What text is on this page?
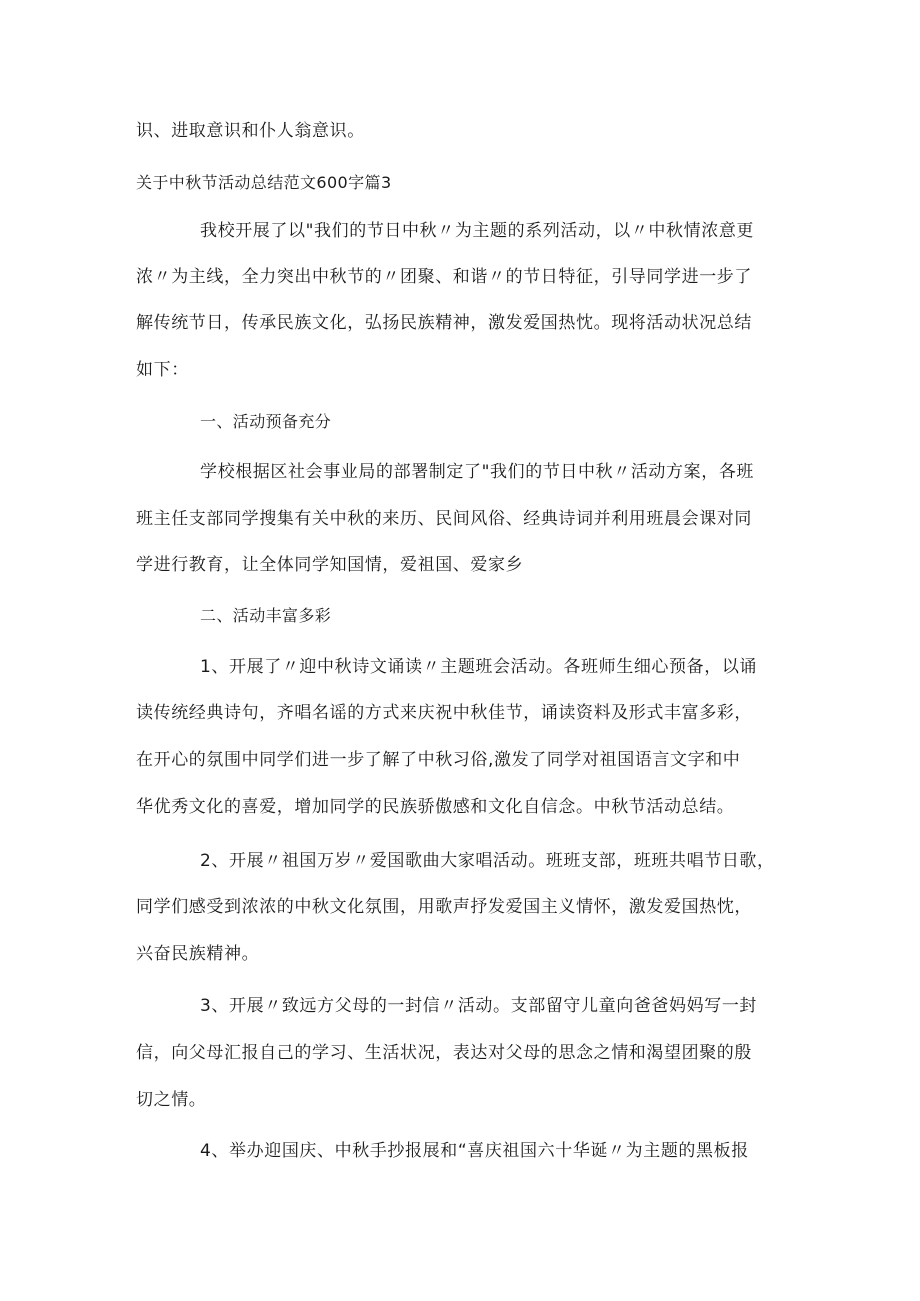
识、进取意识和仆人翁意识。
关于中秋节活动总结范文600字篇3
我校开展了以"我们的节日中秋〃为主题的系列活动，以〃中秋情浓意更
浓〃为主线，全力突出中秋节的〃团聚、和谐〃的节日特征，引导同学进一步了
解传统节日，传承民族文化，弘扬民族精神，激发爱国热忱。现将活动状况总结
如下：
一、活动预备充分
学校根据区社会事业局的部署制定了"我们的节日中秋〃活动方案，各班
班主任支部同学搜集有关中秋的来历、民间风俗、经典诗词并利用班晨会课对同
学进行教育，让全体同学知国情，爱祖国、爱家乡
二、活动丰富多彩
1、开展了〃迎中秋诗文诵读〃主题班会活动。各班师生细心预备，以诵
读传统经典诗句，齐唱名谣的方式来庆祝中秋佳节，诵读资料及形式丰富多彩，
在开心的氛围中同学们进一步了解了中秋习俗,激发了同学对祖国语言文字和中
华优秀文化的喜爱，增加同学的民族骄傲感和文化自信念。中秋节活动总结。
2、开展〃祖国万岁〃爱国歌曲大家唱活动。班班支部，班班共唱节日歌，
同学们感受到浓浓的中秋文化氛围，用歌声抒发爱国主义情怀，激发爱国热忱，
兴奋民族精神。
3、开展〃致远方父母的一封信〃活动。支部留守儿童向爸爸妈妈写一封
信，向父母汇报自己的学习、生活状况，表达对父母的思念之情和渴望团聚的殷
切之情。
4、举办迎国庆、中秋手抄报展和“喜庆祖国六十华诞〃为主题的黑板报
